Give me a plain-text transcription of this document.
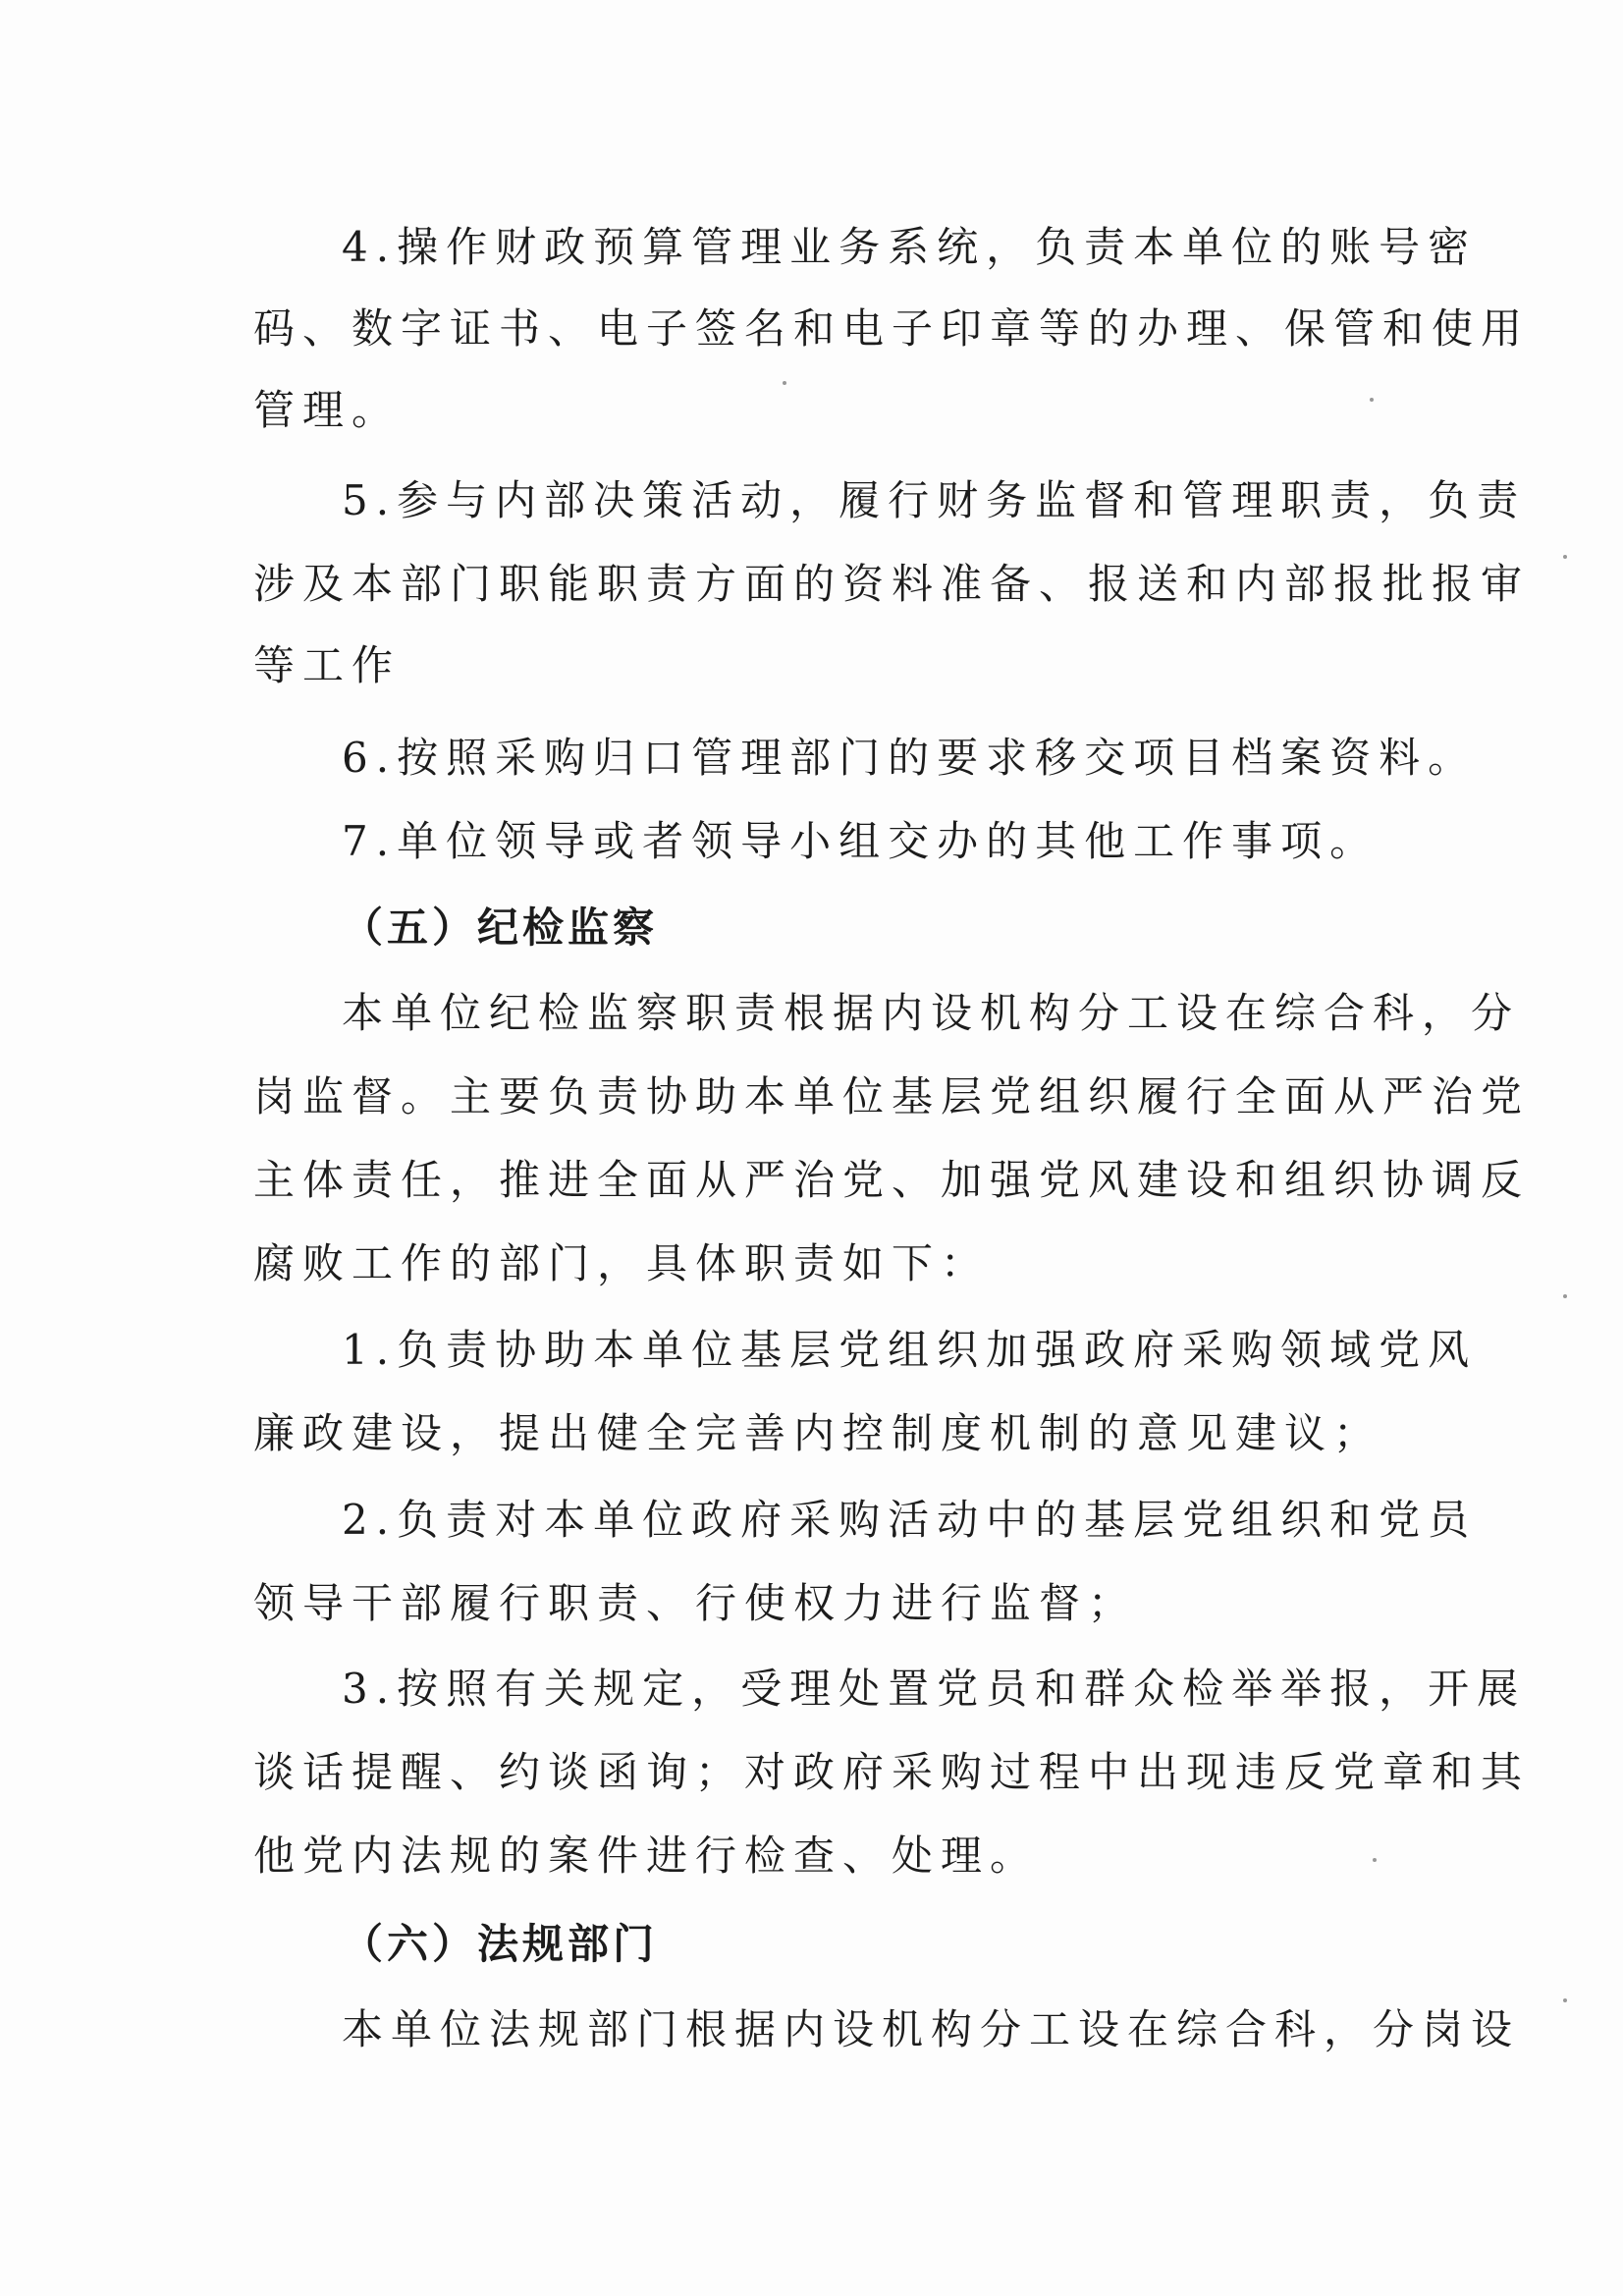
4.操作财政预算管理业务系统，负责本单位的账号密
码、数字证书、电子签名和电子印章等的办理、保管和使用
管理。
5.参与内部决策活动，履行财务监督和管理职责，负责
涉及本部门职能职责方面的资料准备、报送和内部报批报审
等工作
6.按照采购归口管理部门的要求移交项目档案资料。
7.单位领导或者领导小组交办的其他工作事项。
（五）纪检监察
本单位纪检监察职责根据内设机构分工设在综合科，分
岗监督。主要负责协助本单位基层党组织履行全面从严治党
主体责任，推进全面从严治党、加强党风建设和组织协调反
腐败工作的部门，具体职责如下：
1.负责协助本单位基层党组织加强政府采购领域党风
廉政建设，提出健全完善内控制度机制的意见建议；
2.负责对本单位政府采购活动中的基层党组织和党员
领导干部履行职责、行使权力进行监督；
3.按照有关规定，受理处置党员和群众检举举报，开展
谈话提醒、约谈函询；对政府采购过程中出现违反党章和其
他党内法规的案件进行检查、处理。
（六）法规部门
本单位法规部门根据内设机构分工设在综合科，分岗设
